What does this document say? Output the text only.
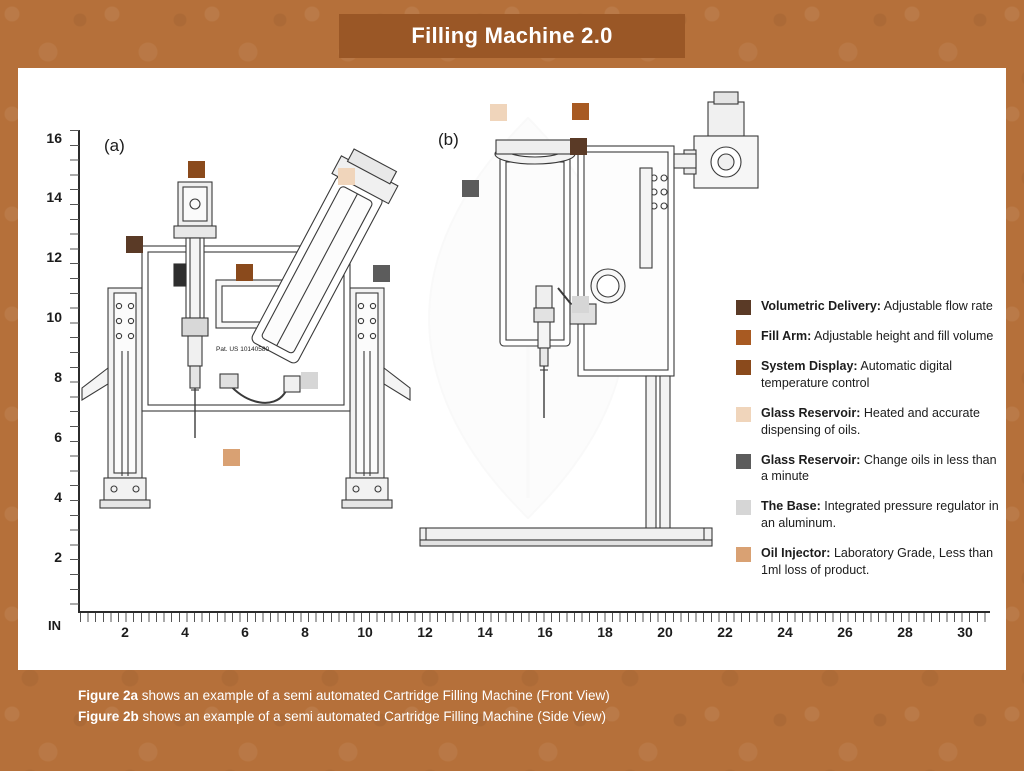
Filling Machine 2.0
IN
16
14
12
10
8
6
4
2
2	4	6	8	10	12	14	16	18	20	22	24	26	28	30
(a)	(b)
Pat. US 10140580
Volumetric Delivery: Adjustable flow rate
Fill Arm: Adjustable height and fill volume
System Display: Automatic digital temperature control
Glass Reservoir: Heated and accurate dispensing of oils.
Glass Reservoir: Change oils in less than a minute
The Base: Integrated pressure regulator in an aluminum.
Oil Injector: Laboratory Grade, Less than 1ml loss of product.
Figure 2a shows an example of a semi automated Cartridge Filling Machine (Front View)
Figure 2b shows an example of a semi automated Cartridge Filling Machine (Side View)
